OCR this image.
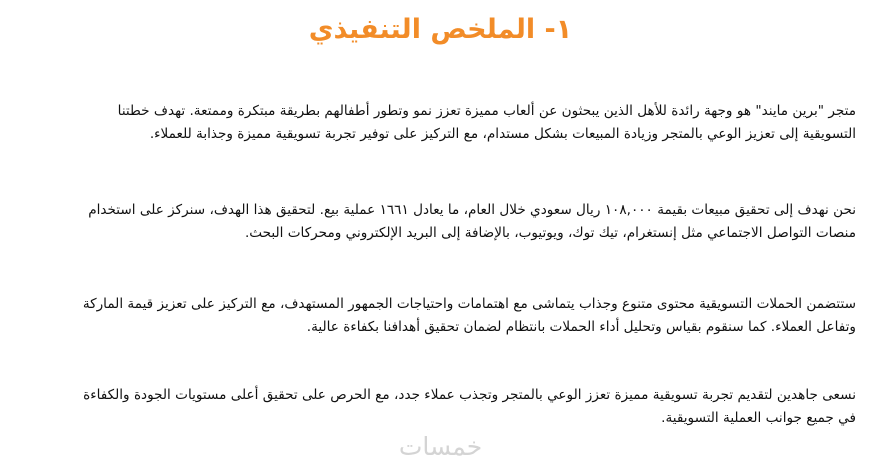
١- الملخص التنفيذي

متجر "برين مايند" هو وجهة رائدة للأهل الذين يبحثون عن ألعاب مميزة تعزز نمو وتطور أطفالهم بطريقة مبتكرة وممتعة. تهدف خطتنا التسويقية إلى تعزيز الوعي بالمتجر وزيادة المبيعات بشكل مستدام، مع التركيز على توفير تجربة تسويقية مميزة وجذابة للعملاء.

نحن نهدف إلى تحقيق مبيعات بقيمة ١٠٨,٠٠٠ ريال سعودي خلال العام، ما يعادل ١٦٦١ عملية بيع. لتحقيق هذا الهدف، سنركز على استخدام منصات التواصل الاجتماعي مثل إنستغرام، تيك توك، ويوتيوب، بالإضافة إلى البريد الإلكتروني ومحركات البحث.

ستتضمن الحملات التسويقية محتوى متنوع وجذاب يتماشى مع اهتمامات واحتياجات الجمهور المستهدف، مع التركيز على تعزيز قيمة الماركة وتفاعل العملاء. كما سنقوم بقياس وتحليل أداء الحملات بانتظام لضمان تحقيق أهدافنا بكفاءة عالية.

نسعى جاهدين لتقديم تجربة تسويقية مميزة تعزز الوعي بالمتجر وتجذب عملاء جدد، مع الحرص على تحقيق أعلى مستويات الجودة والكفاءة في جميع جوانب العملية التسويقية.

خمسات
